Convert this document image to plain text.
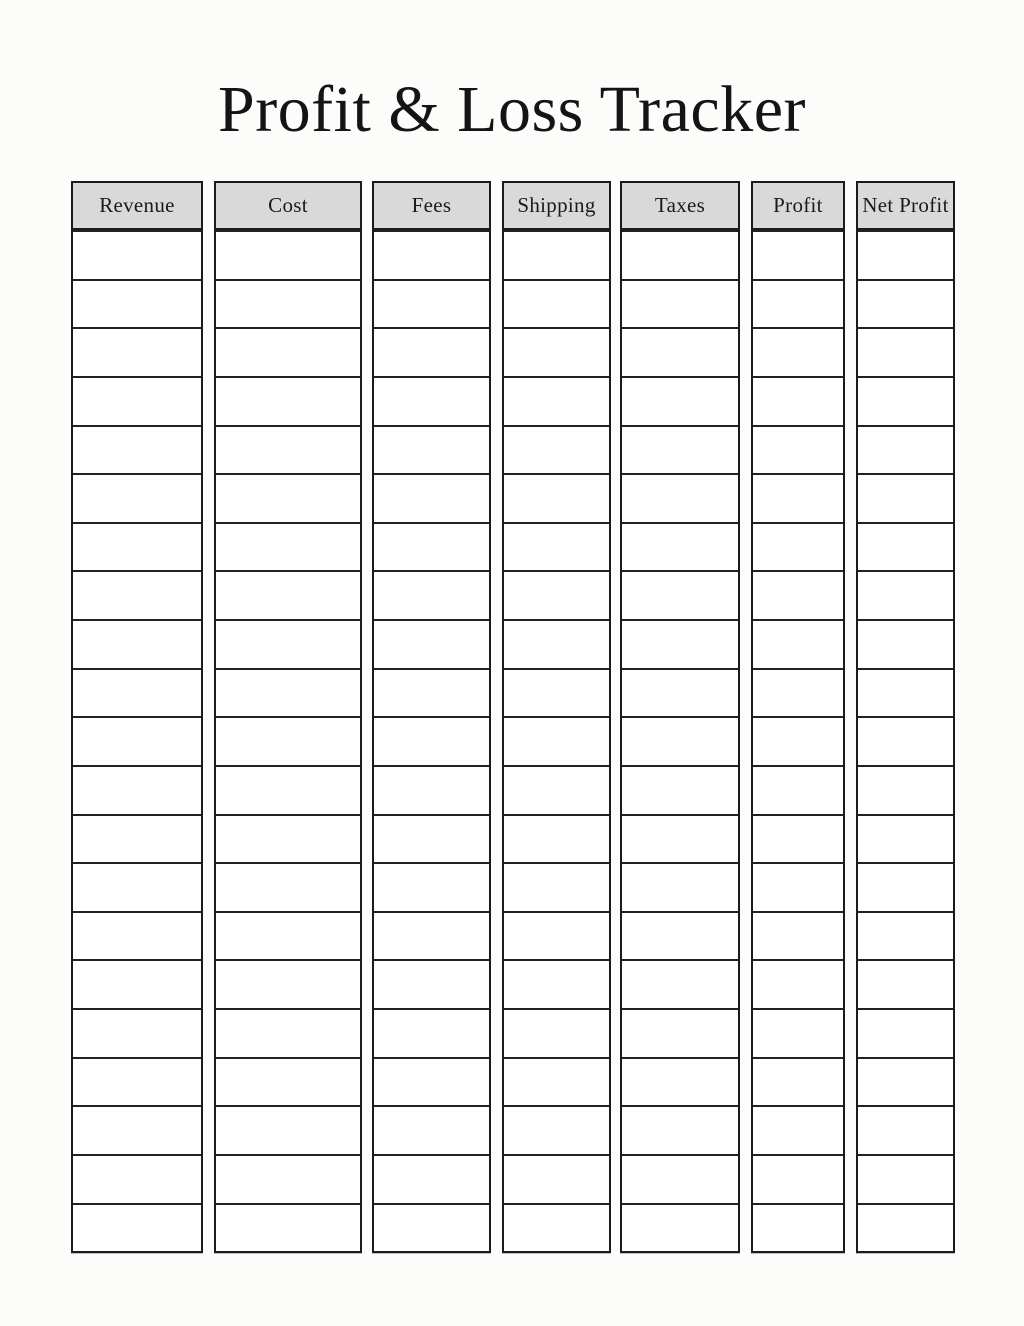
Profit & Loss Tracker
Revenue	Cost	Fees	Shipping	Taxes	Profit	Net Profit
